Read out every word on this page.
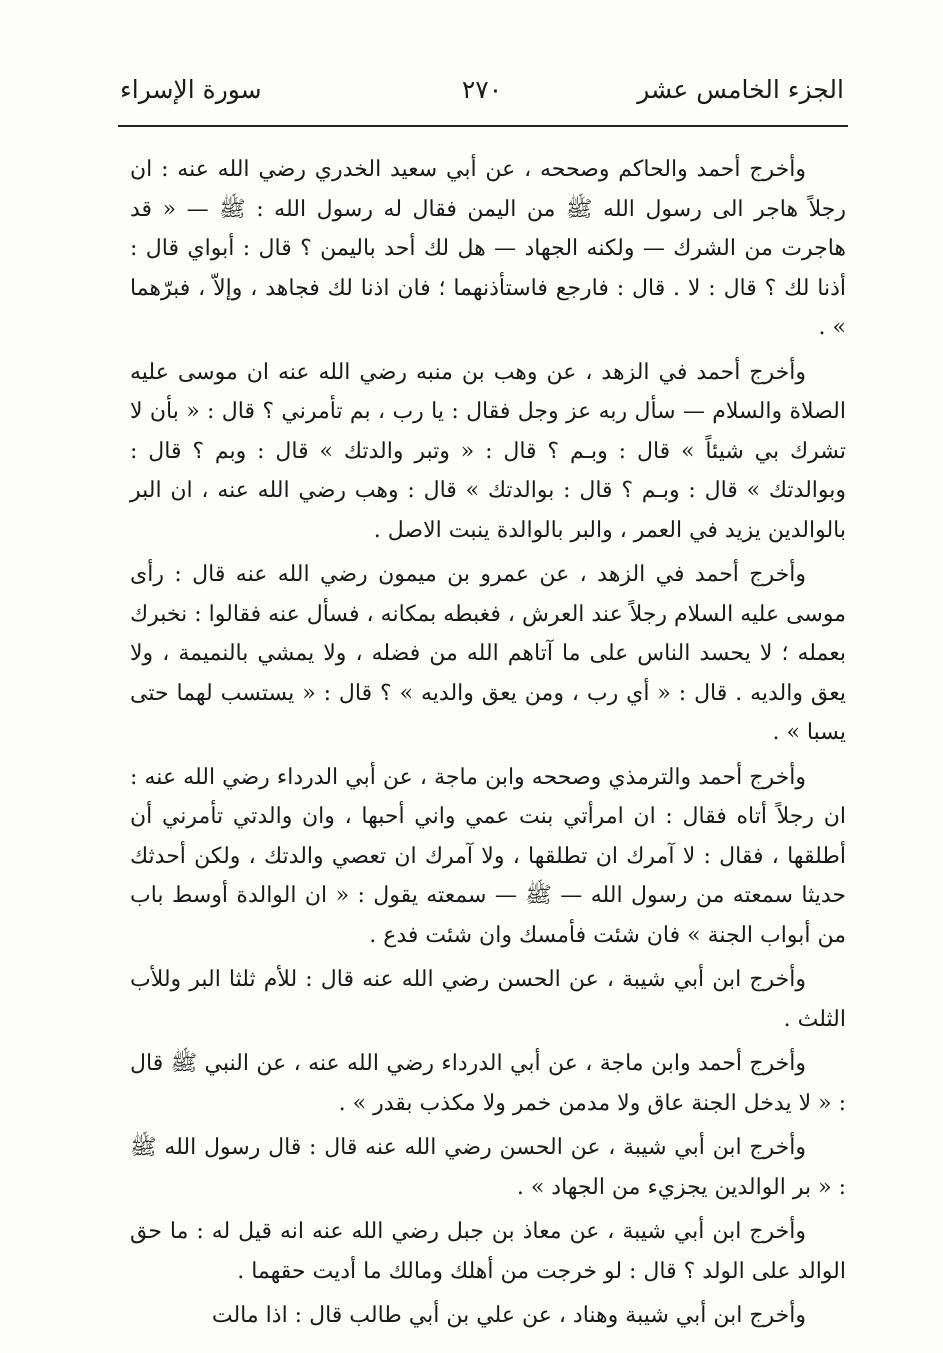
الجزء الخامس عشر
٢٧٠
سورة الإسراء

وأخرج أحمد والحاكم وصححه ، عن أبي سعيد الخدري رضي الله عنه : ان رجلاً هاجر الى رسول الله ﷺ من اليمن فقال له رسول الله : ﷺ — « قد هاجرت من الشرك — ولكنه الجهاد — هل لك أحد باليمن ؟ قال : أبواي قال : أذنا لك ؟ قال : لا . قال : فارجع فاستأذنهما ؛ فان اذنا لك فجاهد ، وإلاّ ، فبرّهما » .

وأخرج أحمد في الزهد ، عن وهب بن منبه رضي الله عنه ان موسى عليه الصلاة والسلام — سأل ربه عز وجل فقال : يا رب ، بم تأمرني ؟ قال : « بأن لا تشرك بي شيئاً » قال : وبـم ؟ قال : « وتبر والدتك » قال : وبم ؟ قال : وبوالدتك » قال : وبـم ؟ قال : بوالدتك » قال : وهب رضي الله عنه ، ان البر بالوالدين يزيد في العمر ، والبر بالوالدة ينبت الاصل .

وأخرج أحمد في الزهد ، عن عمرو بن ميمون رضي الله عنه قال : رأى موسى عليه السلام رجلاً عند العرش ، فغبطه بمكانه ، فسأل عنه فقالوا : نخبرك بعمله ؛ لا يحسد الناس على ما آتاهم الله من فضله ، ولا يمشي بالنميمة ، ولا يعق والديه . قال : « أي رب ، ومن يعق والديه » ؟ قال : « يستسب لهما حتى يسبا » .

وأخرج أحمد والترمذي وصححه وابن ماجة ، عن أبي الدرداء رضي الله عنه : ان رجلاً أتاه فقال : ان امرأتي بنت عمي واني أحبها ، وان والدتي تأمرني أن أطلقها ، فقال : لا آمرك ان تطلقها ، ولا آمرك ان تعصي والدتك ، ولكن أحدثك حديثا سمعته من رسول الله — ﷺ — سمعته يقول : « ان الوالدة أوسط باب من أبواب الجنة » فان شئت فأمسك وان شئت فدع .

وأخرج ابن أبي شيبة ، عن الحسن رضي الله عنه قال : للأم ثلثا البر وللأب الثلث .

وأخرج أحمد وابن ماجة ، عن أبي الدرداء رضي الله عنه ، عن النبي ﷺ قال : « لا يدخل الجنة عاق ولا مدمن خمر ولا مكذب بقدر » .

وأخرج ابن أبي شيبة ، عن الحسن رضي الله عنه قال : قال رسول الله ﷺ : « بر الوالدين يجزيء من الجهاد » .

وأخرج ابن أبي شيبة ، عن معاذ بن جبل رضي الله عنه انه قيل له : ما حق الوالد على الولد ؟ قال : لو خرجت من أهلك ومالك ما أديت حقهما .

وأخرج ابن أبي شيبة وهناد ، عن علي بن أبي طالب قال : اذا مالت
